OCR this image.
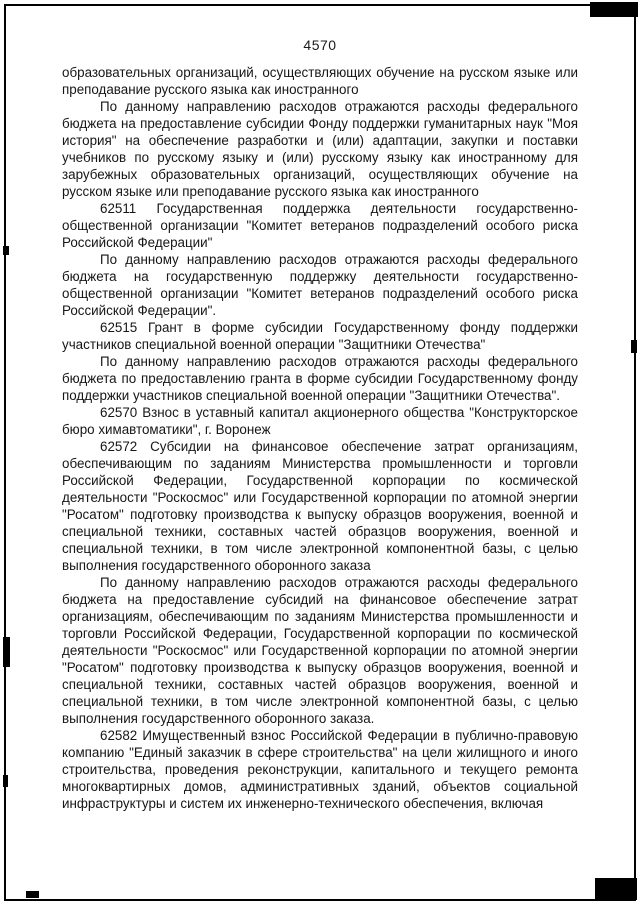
4570

образовательных организаций, осуществляющих обучение на русском языке или преподавание русского языка как иностранного

По данному направлению расходов отражаются расходы федерального бюджета на предоставление субсидии Фонду поддержки гуманитарных наук "Моя история" на обеспечение разработки и (или) адаптации, закупки и поставки учебников по русскому языку и (или) русскому языку как иностранному для зарубежных образовательных организаций, осуществляющих обучение на русском языке или преподавание русского языка как иностранного

62511 Государственная поддержка деятельности государственно-общественной организации "Комитет ветеранов подразделений особого риска Российской Федерации"

По данному направлению расходов отражаются расходы федерального бюджета на государственную поддержку деятельности государственно-общественной организации "Комитет ветеранов подразделений особого риска Российской Федерации".

62515 Грант в форме субсидии Государственному фонду поддержки участников специальной военной операции "Защитники Отечества"

По данному направлению расходов отражаются расходы федерального бюджета по предоставлению гранта в форме субсидии Государственному фонду поддержки участников специальной военной операции "Защитники Отечества".

62570 Взнос в уставный капитал акционерного общества "Конструкторское бюро химавтоматики", г. Воронеж

62572 Субсидии на финансовое обеспечение затрат организациям, обеспечивающим по заданиям Министерства промышленности и торговли Российской Федерации, Государственной корпорации по космической деятельности "Роскосмос" или Государственной корпорации по атомной энергии "Росатом" подготовку производства к выпуску образцов вооружения, военной и специальной техники, составных частей образцов вооружения, военной и специальной техники, в том числе электронной компонентной базы, с целью выполнения государственного оборонного заказа

По данному направлению расходов отражаются расходы федерального бюджета на предоставление субсидий на финансовое обеспечение затрат организациям, обеспечивающим по заданиям Министерства промышленности и торговли Российской Федерации, Государственной корпорации по космической деятельности "Роскосмос" или Государственной корпорации по атомной энергии "Росатом" подготовку производства к выпуску образцов вооружения, военной и специальной техники, составных частей образцов вооружения, военной и специальной техники, в том числе электронной компонентной базы, с целью выполнения государственного оборонного заказа.

62582 Имущественный взнос Российской Федерации в публично-правовую компанию "Единый заказчик в сфере строительства" на цели жилищного и иного строительства, проведения реконструкции, капитального и текущего ремонта многоквартирных домов, административных зданий, объектов социальной инфраструктуры и систем их инженерно-технического обеспечения, включая
